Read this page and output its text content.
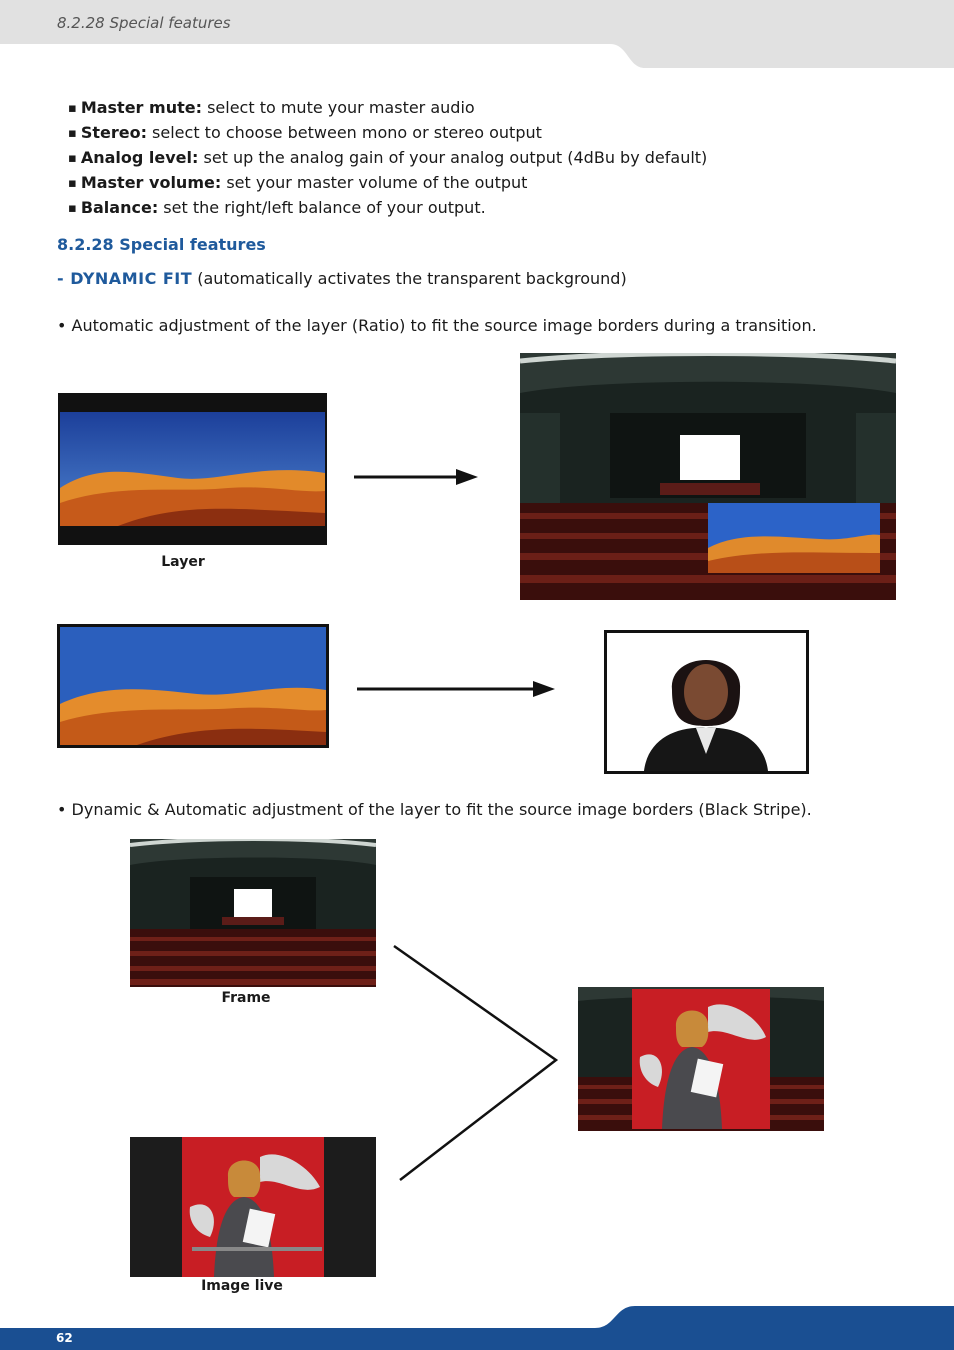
8.2.28 Special features
▪ Master mute: select to mute your master audio
▪ Stereo: select to choose between mono or stereo output
▪ Analog level: set up the analog gain of your analog output (4dBu by default)
▪ Master volume: set your master volume of the output
▪ Balance: set the right/left balance of your output.
8.2.28 Special features
- DYNAMIC FIT (automatically activates the transparent background)
• Automatic adjustment of the layer (Ratio) to fit the source image borders during a transition.
Layer
• Dynamic & Automatic adjustment of the layer to fit the source image borders (Black Stripe).
Frame
Image live
62
